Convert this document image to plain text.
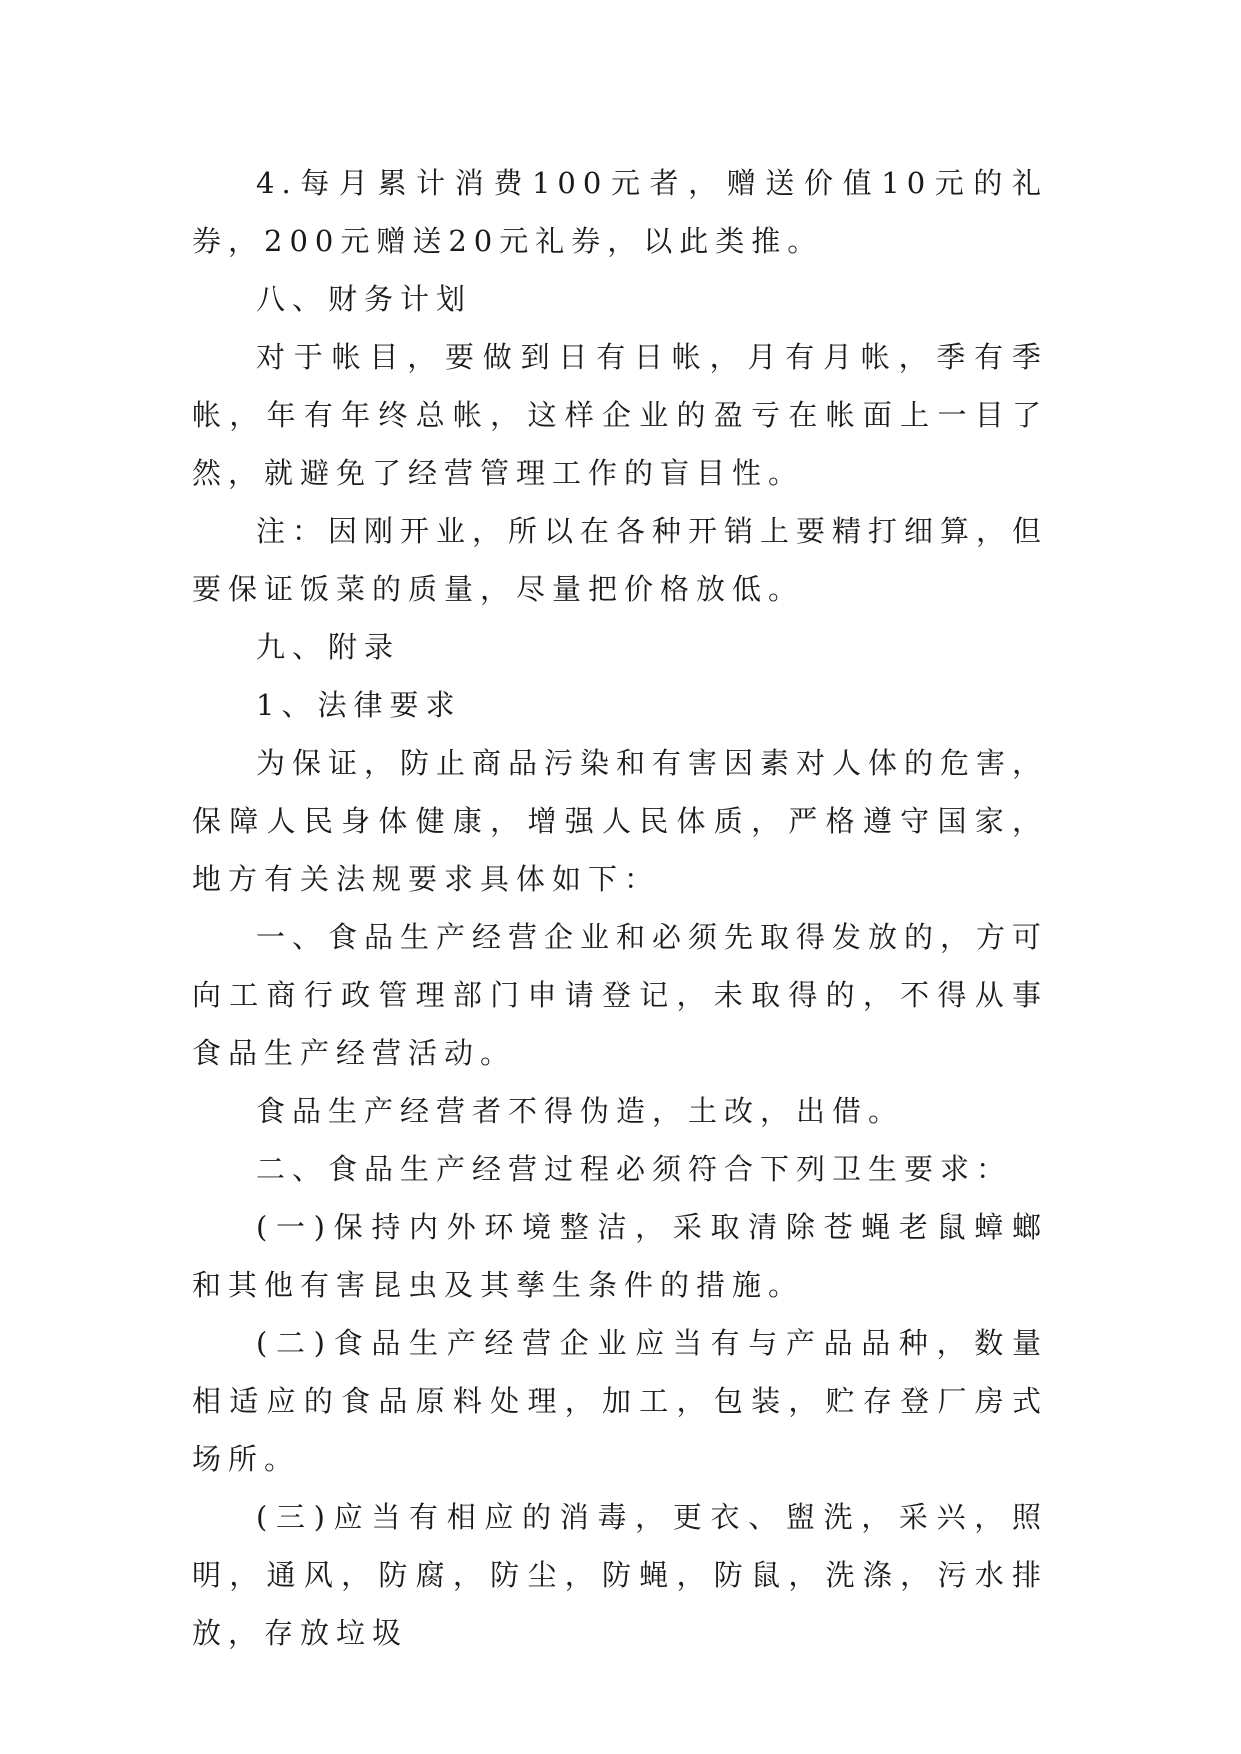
4.每月累计消费100元者，赠送价值10元的礼券，200元赠送20元礼券，以此类推。

八、财务计划

对于帐目，要做到日有日帐，月有月帐，季有季帐，年有年终总帐，这样企业的盈亏在帐面上一目了然，就避免了经营管理工作的盲目性。

注：因刚开业，所以在各种开销上要精打细算，但要保证饭菜的质量，尽量把价格放低。

九、附录

1、法律要求

为保证，防止商品污染和有害因素对人体的危害，保障人民身体健康，增强人民体质，严格遵守国家，地方有关法规要求具体如下：

一、食品生产经营企业和必须先取得发放的，方可向工商行政管理部门申请登记，未取得的，不得从事食品生产经营活动。

食品生产经营者不得伪造，土改，出借。

二、食品生产经营过程必须符合下列卫生要求：

(一)保持内外环境整洁，采取清除苍蝇老鼠蟑螂和其他有害昆虫及其孳生条件的措施。

(二)食品生产经营企业应当有与产品品种，数量相适应的食品原料处理，加工，包装，贮存登厂房式场所。

(三)应当有相应的消毒，更衣、盥洗，采兴，照明，通风，防腐，防尘，防蝇，防鼠，洗涤，污水排放，存放垃圾
